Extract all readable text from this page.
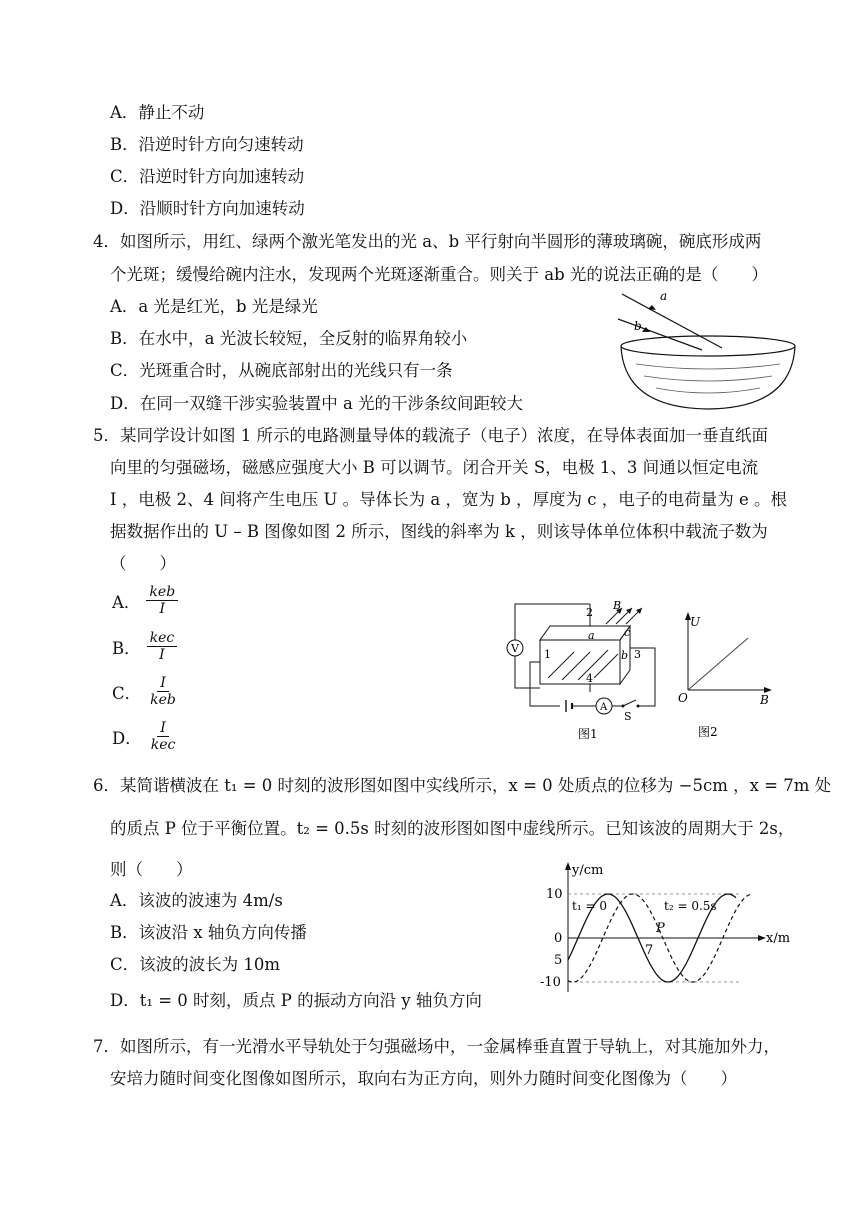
A．静止不动
B．沿逆时针方向匀速转动
C．沿逆时针方向加速转动
D．沿顺时针方向加速转动
4．如图所示，用红、绿两个激光笔发出的光 a、b 平行射向半圆形的薄玻璃碗，碗底形成两
个光斑；缓慢给碗内注水，发现两个光斑逐渐重合。则关于 ab 光的说法正确的是（　　）
A．a 光是红光，b 光是绿光
B．在水中，a 光波长较短，全反射的临界角较小
C．光斑重合时，从碗底部射出的光线只有一条
D．在同一双缝干涉实验装置中 a 光的干涉条纹间距较大
a
b
5．某同学设计如图 1 所示的电路测量导体的载流子（电子）浓度，在导体表面加一垂直纸面
向里的匀强磁场，磁感应强度大小 B 可以调节。闭合开关 S，电极 1、3 间通以恒定电流
I ，电极 2、4 间将产生电压 U 。导体长为 a ，宽为 b ，厚度为 c ，电子的电荷量为 e 。根
据数据作出的 U – B 图像如图 2 所示，图线的斜率为 k ，则该导体单位体积中载流子数为
（　　）
A． $\frac{\text{keb}}{I}$
B． $\frac{\text{kec}}{I}$
C． $\frac{I}{\text{keb}}$
D． $\frac{I}{\text{kec}}$
V
B
2
1	3
4
a
b
c
A
S
图1
U
O	B
图2
6．某简谐横波在 t₁ = 0 时刻的波形图如图中实线所示，x = 0 处质点的位移为 −5cm ，x = 7m 处
的质点 P 位于平衡位置。t₂ = 0.5s 时刻的波形图如图中虚线所示。已知该波的周期大于 2s，
则（　　）
A．该波的波速为 4m/s
B．该波沿 x 轴负方向传播
C．该波的波长为 10m
D．t₁ = 0 时刻，质点 P 的振动方向沿 y 轴负方向
y/cm
x/m
10
0
5
-10
7
P
t₁ = 0	t₂ = 0.5s
7．如图所示，有一光滑水平导轨处于匀强磁场中，一金属棒垂直置于导轨上，对其施加外力，
安培力随时间变化图像如图所示，取向右为正方向，则外力随时间变化图像为（　　）
